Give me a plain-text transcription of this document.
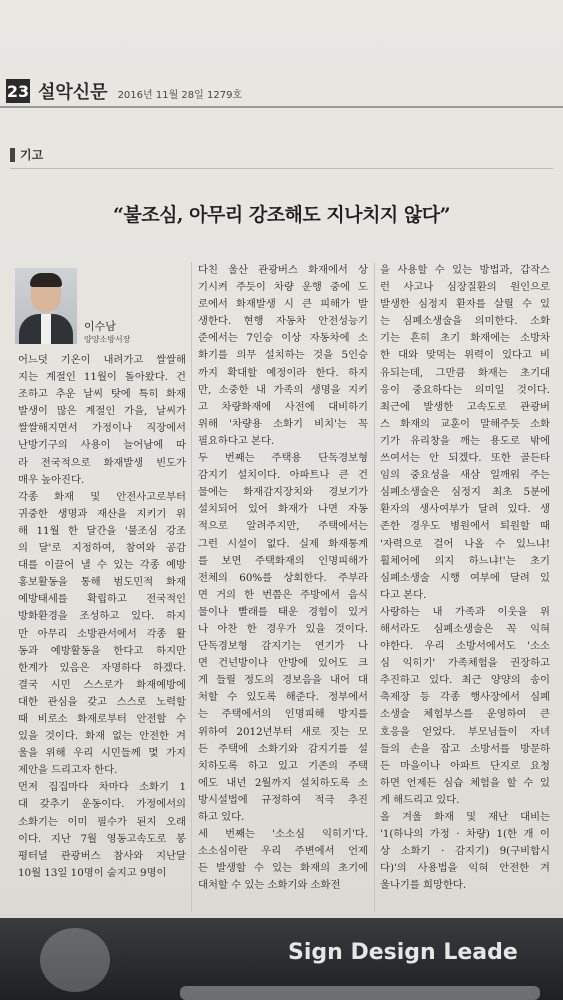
23 설악신문 2016년 11월 28일 1279호
기고
“불조심, 아무리 강조해도 지나치지 않다”
이수남
양양소방서장
어느덧 기온이 내려가고 쌀쌀해
지는 계절인 11월이 돌아왔다. 건
조하고 추운 날씨 탓에 특히 화재
발생이 많은 계절인 가을, 날씨가
쌀쌀해지면서 가정이나 직장에서
난방기구의 사용이 늘어남에 따
라 전국적으로 화재발생 빈도가
매우 높아진다.
각종 화재 및 안전사고로부터
귀중한 생명과 재산을 지키기 위
해 11월 한 달간을 '불조심 강조
의 달'로 지정하여, 참여와 공감
대를 이끌어 낼 수 있는 각종 예방
홍보활동을 통해 범도민적 화재
예방태세를 확립하고 전국적인
방화환경을 조성하고 있다. 하지
만 아무리 소방관서에서 각종 활
동과 예방활동을 한다고 하지만
한계가 있음은 자명하다 하겠다.
결국 시민 스스로가 화재예방에
대한 관심을 갖고 스스로 노력할
때 비로소 화재로부터 안전할 수
있을 것이다. 화재 없는 안전한 겨
울을 위해 우리 시민들께 몇 가지
제안을 드리고자 한다.
먼저 집집마다 차마다 소화기 1
대 갖추기 운동이다. 가정에서의
소화기는 이미 필수가 된지 오래
이다. 지난 7월 영동고속도로 봉
평터널 관광버스 참사와 지난달
10월 13일 10명이 숨지고 9명이
다친 울산 관광버스 화재에서 상
기시켜 주듯이 차량 운행 중에 도
로에서 화재발생 시 큰 피해가 발
생한다. 현행 자동차 안전성능기
준에서는 7인승 이상 자동차에 소
화기를 의무 설치하는 것을 5인승
까지 확대할 예정이라 한다. 하지
만, 소중한 내 가족의 생명을 지키
고 차량화재에 사전에 대비하기
위해 '차량용 소화기 비치'는 꼭
필요하다고 본다.
두 번째는 주택용 단독경보형
감지기 설치이다. 아파트나 큰 건
물에는 화재감지장치와 경보기가
설치되어 있어 화재가 나면 자동
적으로 알려주지만, 주택에서는
그런 시설이 없다. 실제 화재통계
를 보면 주택화재의 인명피해가
전체의 60%를 상회한다. 주부라
면 거의 한 번쯤은 주방에서 음식
물이나 빨래를 태운 경험이 있거
나 아찬 한 경우가 있을 것이다.
단독경보형 감지기는 연기가 나
면 건넌방이나 안방에 있어도 크
게 들릴 정도의 경보음을 내어 대
처할 수 있도록 해준다. 정부에서
는 주택에서의 인명피해 방지를
위하여 2012년부터 새로 짓는 모
든 주택에 소화기와 감지기를 설
치하도록 하고 있고 기존의 주택
에도 내년 2월까지 설치하도록 소
방시설법에 규정하여 적극 추진
하고 있다.
세 번째는 '소소심 익히기'다.
소소심이란 우리 주변에서 언제
든 발생할 수 있는 화재의 초기에
대처할 수 있는 소화기와 소화전
을 사용할 수 있는 방법과, 갑작스
런 사고나 심장질환의 원인으로
발생한 심정지 환자를 살릴 수 있
는 심폐소생술을 의미한다. 소화
기는 흔히 초기 화재에는 소방차
한 대와 맞먹는 위력이 있다고 비
유되는데, 그만큼 화재는 초기대
응이 중요하다는 의미일 것이다.
최근에 발생한 고속도로 관광버
스 화재의 교훈이 말해주듯 소화
기가 유리창을 깨는 용도로 밖에
쓰여서는 안 되겠다. 또한 골든타
임의 중요성을 새삼 일깨워 주는
심폐소생술은 심정지 최초 5분에
환자의 생사여부가 달려 있다. 생
존한 경우도 병원에서 퇴원할 때
'자력으로 걸어 나올 수 있느냐!
휠체어에 의지 하느냐!'는 초기
심폐소생술 시행 여부에 달려 있
다고 본다.
사랑하는 내 가족과 이웃을 위
해서라도 심폐소생술은 꼭 익혀
야한다. 우리 소방서에서도 '소소
심 익히기' 가족체험을 권장하고
추진하고 있다. 최근 양양의 송이
축제장 등 각종 행사장에서 심폐
소생술 체험부스를 운영하여 큰
호응을 얻었다. 부모님들이 자녀
들의 손을 잡고 소방서를 방문하
든 마을이나 아파트 단지로 요청
하면 언제든 심습 체험을 할 수 있
게 해드리고 있다.
올 겨울 화재 및 재난 대비는
'1(하나의 가정 · 차량) 1(한 개 이
상 소화기 · 감지기) 9(구비합시
다)'의 사용법을 익혀 안전한 겨
울나기를 희망한다.
Sign Design Leade
